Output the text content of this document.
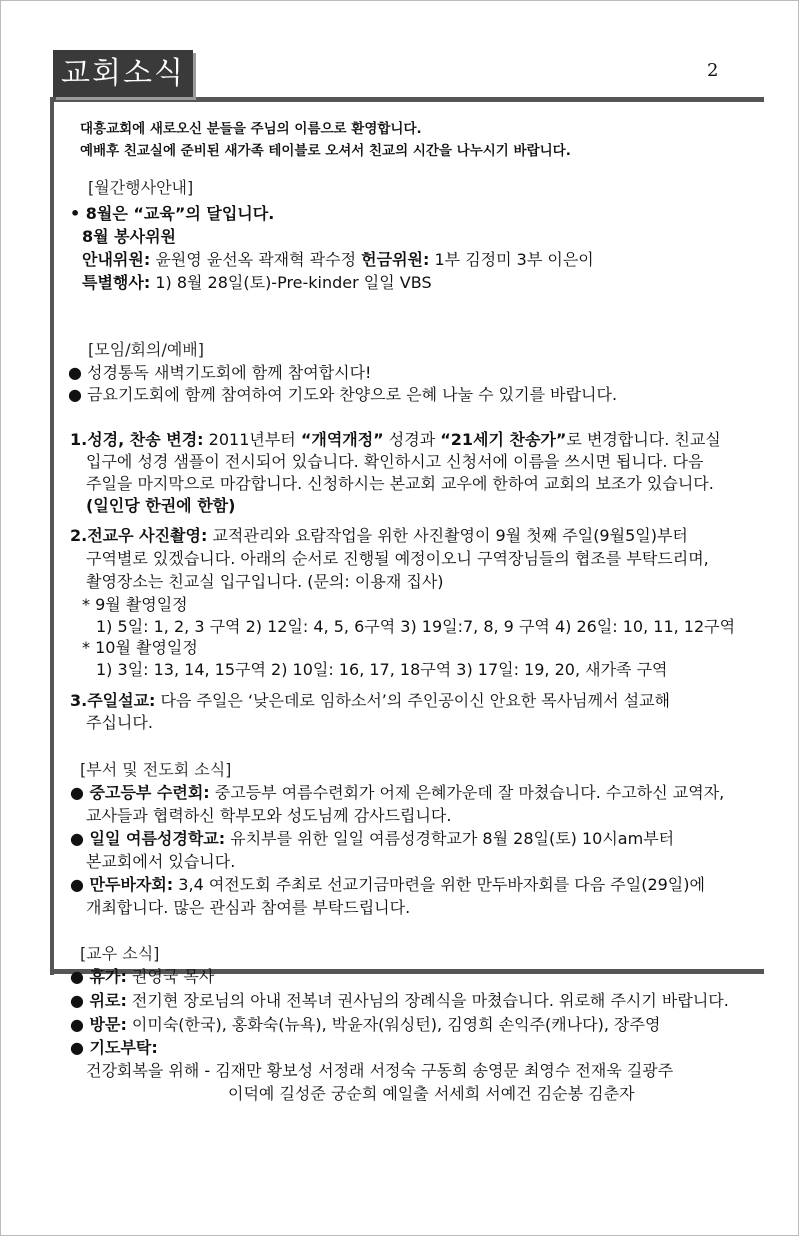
교회소식	2
대흥교회에 새로오신 분들을 주님의 이름으로 환영합니다.
예배후 친교실에 준비된 새가족 테이블로 오셔서 친교의 시간을 나누시기 바랍니다.
[월간행사안내]
• 8월은 “교육”의 달입니다.
8월 봉사위원
안내위원: 윤원영 윤선옥 곽재혁 곽수정 헌금위원: 1부 김정미 3부 이은이
특별행사: 1) 8월 28일(토)-Pre-kinder 일일 VBS
[모임/회의/예배]
● 성경통독 새벽기도회에 함께 참여합시다!
● 금요기도회에 함께 참여하여 기도와 찬양으로 은혜 나눌 수 있기를 바랍니다.
1.성경, 찬송 변경: 2011년부터 “개역개정” 성경과 “21세기 찬송가”로 변경합니다. 친교실
입구에 성경 샘플이 전시되어 있습니다. 확인하시고 신청서에 이름을 쓰시면 됩니다. 다음
주일을 마지막으로 마감합니다. 신청하시는 본교회 교우에 한하여 교회의 보조가 있습니다.
(일인당 한권에 한함)
2.전교우 사진촬영: 교적관리와 요람작업을 위한 사진촬영이 9월 첫째 주일(9월5일)부터
구역별로 있겠습니다. 아래의 순서로 진행될 예정이오니 구역장님들의 협조를 부탁드리며,
촬영장소는 친교실 입구입니다. (문의: 이용재 집사)
* 9월 촬영일정
1) 5일: 1, 2, 3 구역 2) 12일: 4, 5, 6구역 3) 19일:7, 8, 9 구역 4) 26일: 10, 11, 12구역
* 10월 촬영일정
1) 3일: 13, 14, 15구역 2) 10일: 16, 17, 18구역 3) 17일: 19, 20, 새가족 구역
3.주일설교: 다음 주일은 ‘낮은데로 임하소서’의 주인공이신 안요한 목사님께서 설교해
주십니다.
[부서 및 전도회 소식]
● 중고등부 수련회: 중고등부 여름수련회가 어제 은혜가운데 잘 마쳤습니다. 수고하신 교역자,
교사들과 협력하신 학부모와 성도님께 감사드립니다.
● 일일 여름성경학교: 유치부를 위한 일일 여름성경학교가 8월 28일(토) 10시am부터
본교회에서 있습니다.
● 만두바자회: 3,4 여전도회 주최로 선교기금마련을 위한 만두바자회를 다음 주일(29일)에
개최합니다. 많은 관심과 참여를 부탁드립니다.
[교우 소식]
● 휴가: 권영국 목사
● 위로: 전기현 장로님의 아내 전복녀 권사님의 장례식을 마쳤습니다. 위로해 주시기 바랍니다.
● 방문: 이미숙(한국), 홍화숙(뉴욕), 박윤자(워싱턴), 김영희 손익주(캐나다), 장주영
● 기도부탁:
건강회복을 위해 - 김재만 황보성 서정래 서정숙 구동희 송영문 최영수 전재욱 길광주
이덕예 길성준 궁순희 예일출 서세희 서예건 김순봉 김춘자
